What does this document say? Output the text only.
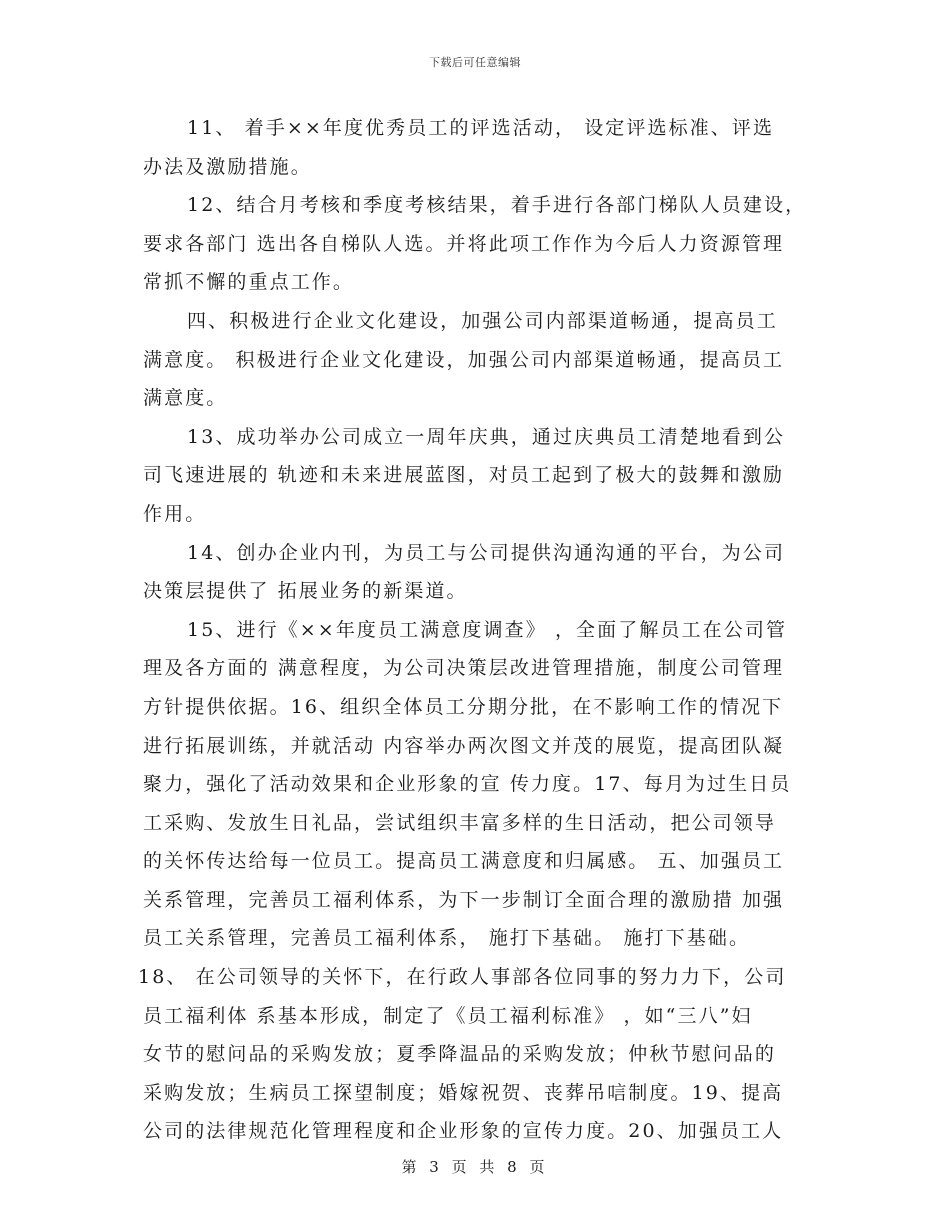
下载后可任意编辑
11、 着手××年度优秀员工的评选活动， 设定评选标准、评选
办法及激励措施。
12、结合月考核和季度考核结果，着手进行各部门梯队人员建设，
要求各部门 选出各自梯队人选。并将此项工作作为今后人力资源管理
常抓不懈的重点工作。
四、积极进行企业文化建设，加强公司内部渠道畅通，提高员工
满意度。 积极进行企业文化建设，加强公司内部渠道畅通，提高员工
满意度。
13、成功举办公司成立一周年庆典，通过庆典员工清楚地看到公
司飞速进展的 轨迹和未来进展蓝图，对员工起到了极大的鼓舞和激励
作用。
14、创办企业内刊，为员工与公司提供沟通沟通的平台，为公司
决策层提供了 拓展业务的新渠道。
15、进行《××年度员工满意度调查》 ，全面了解员工在公司管
理及各方面的 满意程度，为公司决策层改进管理措施，制度公司管理
方针提供依据。16、组织全体员工分期分批，在不影响工作的情况下
进行拓展训练，并就活动 内容举办两次图文并茂的展览，提高团队凝
聚力，强化了活动效果和企业形象的宣 传力度。17、每月为过生日员
工采购、发放生日礼品，尝试组织丰富多样的生日活动，把公司领导
的关怀传达给每一位员工。提高员工满意度和归属感。 五、加强员工
关系管理，完善员工福利体系，为下一步制订全面合理的激励措 加强
员工关系管理，完善员工福利体系， 施打下基础。 施打下基础。
18、 在公司领导的关怀下，在行政人事部各位同事的努力力下，公司
员工福利体 系基本形成，制定了《员工福利标准》 ，如“三八”妇
女节的慰问品的采购发放；夏季降温品的采购发放；仲秋节慰问品的
采购发放；生病员工探望制度；婚嫁祝贺、丧葬吊唁制度。19、提高
公司的法律规范化管理程度和企业形象的宣传力度。20、加强员工人
第 3 页 共 8 页
